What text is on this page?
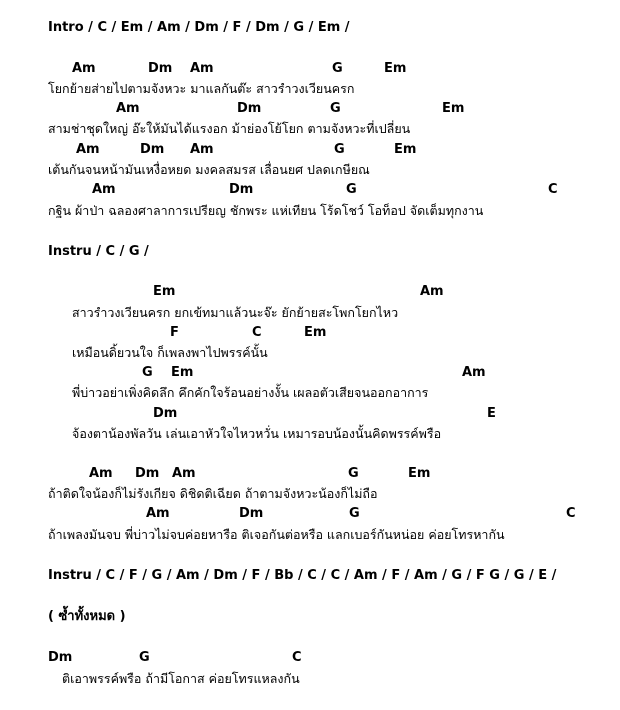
Intro / C / Em / Am / Dm / F / Dm / G / Em /
Am	Dm Am	G	Em
โยกย้ายส่ายไปตามจังหวะ มาแลกันต๊ะ สาวรำวงเวียนครก
Am	Dm	G	Em
สามช่าชุดใหญ่ อ๊ะให้มันได้แรงอก ม้าย่องโย้โยก ตามจังหวะที่เปลี่ยน
Am	Dm Am	G	Em
เต้นกันจนหน้ามันเหงื่อหยด มงคลสมรส เลื่อนยศ ปลดเกษียณ
Am	Dm	G	C
กฐิน ผ้าป่า ฉลองศาลาการเปรียญ ชักพระ แห่เทียน โร้ดโชว์ โอท็อป จัดเต็มทุกงาน
Instru / C / G /
Em	Am
สาวรำวงเวียนครก ยกเข้ทมาแล้วนะจ๊ะ ยักย้ายสะโพกโยกไหว
F	C	Em
เหมือนดิ้ยวนใจ ก็เพลงพาไปพรรค์นั้น
G Em	Am
พี่บ่าวอย่าเพิ่งคิดลึก คึกคักใจร้อนอย่างงั้น เผลอตัวเสียจนออกอาการ
Dm	E
จ้องตาน้องพัลวัน เล่นเอาหัวใจไหวหวั่น เหมารอบน้องนั้นคิดพรรค์พรือ
Am Dm Am	G	Em
ถ้าติดใจน้องก็ไม่รังเกียจ ดิชิดติเฉียด ถ้าตามจังหวะน้องก็ไม่ถือ
Am	Dm	G	C
ถ้าเพลงมันจบ พี่บ่าวไม่จบค่อยหารือ ติเจอกันต่อหรือ แลกเบอร์กันหน่อย ค่อยโทรหากัน
Instru / C / F / G / Am / Dm / F / Bb / C / C / Am / F / Am / G / F G / G / E /
( ซ้ำทั้งหมด )
Dm	G	C
ติเอาพรรค์พรือ ถ้ามีโอกาส ค่อยโทรแหลงกัน
